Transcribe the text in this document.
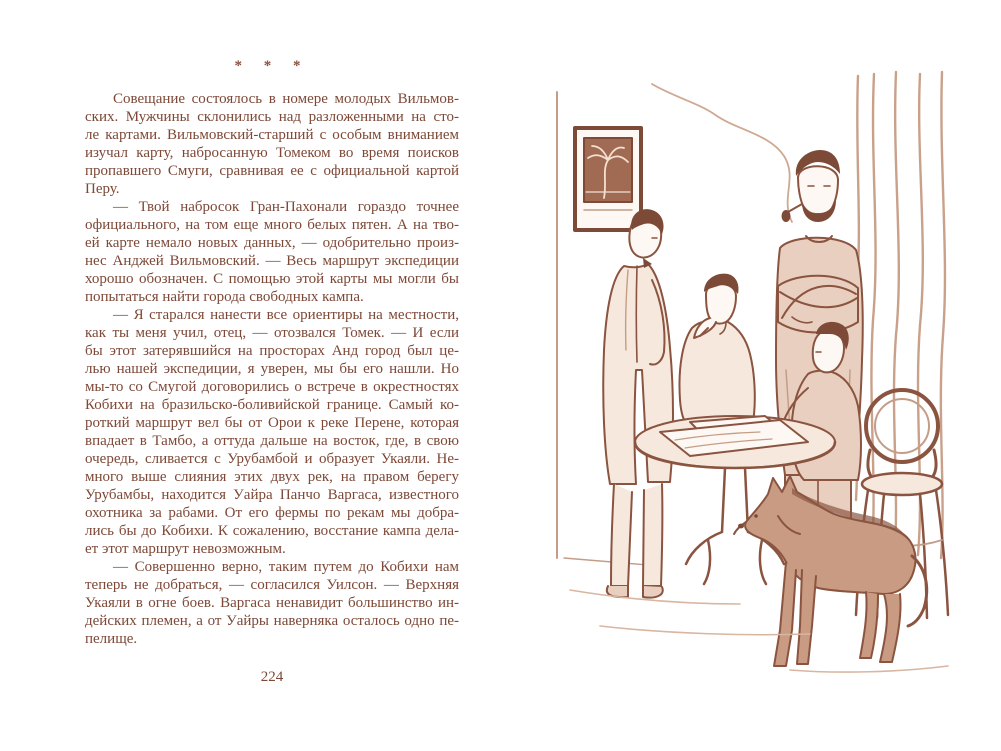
* * *
Совещание состоялось в номере молодых Вильмов-
ских. Мужчины склонились над разложенными на сто-
ле картами. Вильмовский-старший с особым вниманием
изучал карту, набросанную Томеком во время поисков
пропавшего Смуги, сравнивая ее с официальной картой
Перу.
— Твой набросок Гран-Пахонали гораздо точнее
официального, на том еще много белых пятен. А на тво-
ей карте немало новых данных, — одобрительно произ-
нес Анджей Вильмовский. — Весь маршрут экспедиции
хорошо обозначен. С помощью этой карты мы могли бы
попытаться найти города свободных кампа.
— Я старался нанести все ориентиры на местности,
как ты меня учил, отец, — отозвался Томек. — И если
бы этот затерявшийся на просторах Анд город был це-
лью нашей экспедиции, я уверен, мы бы его нашли. Но
мы-то со Смугой договорились о встрече в окрестностях
Кобихи на бразильско-боливийской границе. Самый ко-
роткий маршрут вел бы от Орои к реке Перене, которая
впадает в Тамбо, а оттуда дальше на восток, где, в свою
очередь, сливается с Урубамбой и образует Укаяли. Не-
много выше слияния этих двух рек, на правом берегу
Урубамбы, находится Уайра Панчо Варгаса, известного
охотника за рабами. От его фермы по рекам мы добра-
лись бы до Кобихи. К сожалению, восстание кампа дела-
ет этот маршрут невозможным.
— Совершенно верно, таким путем до Кобихи нам
теперь не добраться, — согласился Уилсон. — Верхняя
Укаяли в огне боев. Варгаса ненавидит большинство ин-
дейских племен, а от Уайры наверняка осталось одно пе-
пелище.
224
